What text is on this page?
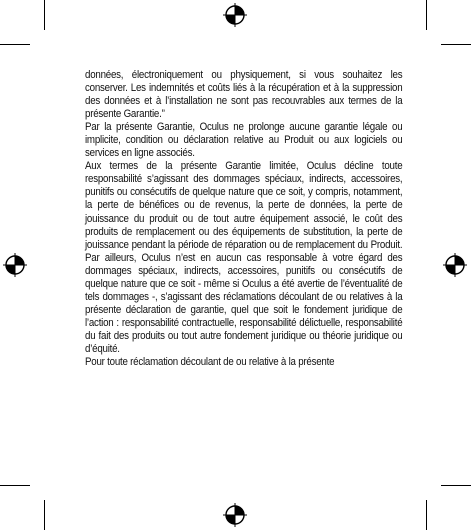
données, électroniquement ou physiquement, si vous souhaitez les conserver. Les indemnités et coûts liés à la récupération et à la suppression des données et à l’installation ne sont pas recouvrables aux termes de la présente Garantie.”

Par la présente Garantie, Oculus ne prolonge aucune garantie légale ou implicite, condition ou déclaration relative au Produit ou aux logiciels ou services en ligne associés.

Aux termes de la présente Garantie limitée, Oculus décline toute responsabilité s’agissant des dommages spéciaux, indirects, accessoires, punitifs ou consécutifs de quelque nature que ce soit, y compris, notamment, la perte de bénéfices ou de revenus, la perte de données, la perte de jouissance du produit ou de tout autre équipement associé, le coût des produits de remplacement ou des équipements de substitution, la perte de jouissance pendant la période de réparation ou de remplacement du Produit. Par ailleurs, Oculus n’est en aucun cas responsable à votre égard des dommages spéciaux, indirects, accessoires, punitifs ou consécutifs de quelque nature que ce soit - même si Oculus a été avertie de l’éventualité de tels dommages -, s’agissant des réclamations découlant de ou relatives à la présente déclaration de garantie, quel que soit le fondement juridique de l’action : responsabilité contractuelle, responsabilité délictuelle, responsabilité du fait des produits ou tout autre fondement juridique ou théorie juridique ou d’équité.

Pour toute réclamation découlant de ou relative à la présente
